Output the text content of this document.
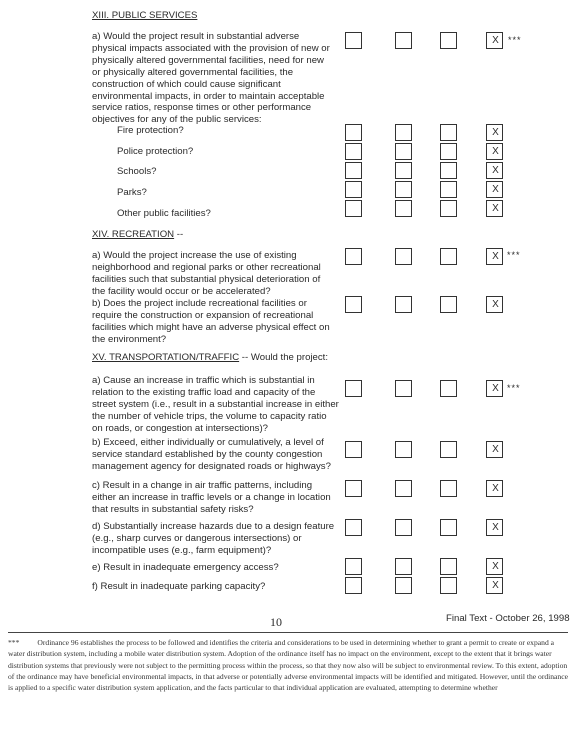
XIII. PUBLIC SERVICES
a) Would the project result in substantial adverse
physical impacts associated with the provision of new or
physically altered governmental facilities, need for new
or physically altered governmental facilities, the
construction of which could cause significant
environmental impacts, in order to maintain acceptable
service ratios, response times or other performance
objectives for any of the public services:
X	***
Fire protection?
Police protection?
Schools?
Parks?
Other public facilities?
X
X
X
X
X
XIV. RECREATION --
a) Would the project increase the use of existing
neighborhood and regional parks or other recreational
facilities such that substantial physical deterioration of
the facility would occur or be accelerated?
X ***
b) Does the project include recreational facilities or
require the construction or expansion of recreational
facilities which might have an adverse physical effect on
the environment?
X
XV. TRANSPORTATION/TRAFFIC -- Would the project:
a) Cause an increase in traffic which is substantial in
relation to the existing traffic load and capacity of the
street system (i.e., result in a substantial increase in either
the number of vehicle trips, the volume to capacity ratio
on roads, or congestion at intersections)?
X ***
b) Exceed, either individually or cumulatively, a level of
service standard established by the county congestion
management agency for designated roads or highways?
X
c) Result in a change in air traffic patterns, including
either an increase in traffic levels or a change in location
that results in substantial safety risks?
X
d) Substantially increase hazards due to a design feature
(e.g., sharp curves or dangerous intersections) or
incompatible uses (e.g., farm equipment)?
X
e) Result in inadequate emergency access?
f) Result in inadequate parking capacity?
X
X
10	Final Text - October 26, 1998
*** Ordinance 96 establishes the process to be followed and identifies the criteria and considerations to be used in determining whether to grant a permit to create or expand a water distribution system, including a mobile water distribution system. Adoption of the ordinance itself has no impact on the environment, except to the extent that it brings water distribution systems that previously were not subject to the permitting process within the process, so that they now also will be subject to environmental review. To this extent, adoption of the ordinance may have beneficial environmental impacts, in that adverse or potentially adverse environmental impacts will be identified and mitigated. However, until the ordinance is applied to a specific water distribution system application, and the facts particular to that individual application are evaluated, attempting to determine whether
